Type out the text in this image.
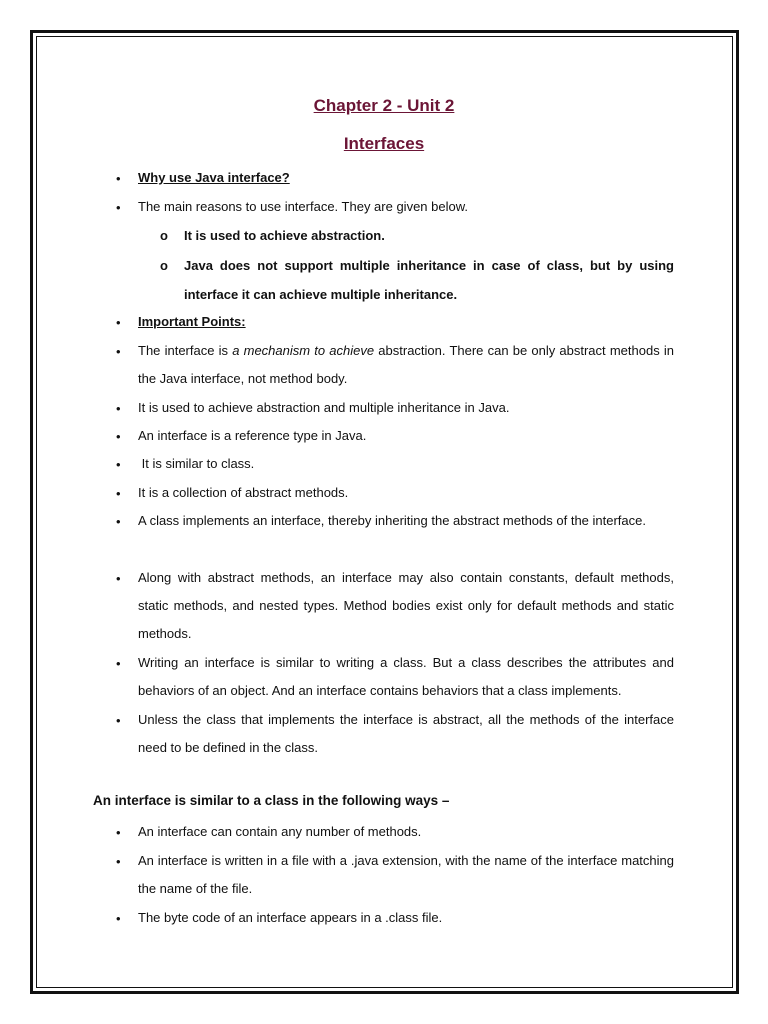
Chapter 2 - Unit 2
Interfaces
•
Why use Java interface?
•
The main reasons to use interface. They are given below.
o It is used to achieve abstraction.
o Java does not support multiple inheritance in case of class, but by using interface it can achieve multiple inheritance.
•
Important Points:
•
The interface is a mechanism to achieve abstraction. There can be only abstract methods in the Java interface, not method body.
•
It is used to achieve abstraction and multiple inheritance in Java.
•
An interface is a reference type in Java.
•
It is similar to class.
•
It is a collection of abstract methods.
•
A class implements an interface, thereby inheriting the abstract methods of the interface.
•
Along with abstract methods, an interface may also contain constants, default methods, static methods, and nested types. Method bodies exist only for default methods and static methods.
•
Writing an interface is similar to writing a class. But a class describes the attributes and behaviors of an object. And an interface contains behaviors that a class implements.
•
Unless the class that implements the interface is abstract, all the methods of the interface need to be defined in the class.
An interface is similar to a class in the following ways –
•
An interface can contain any number of methods.
•
An interface is written in a file with a .java extension, with the name of the interface matching the name of the file.
•
The byte code of an interface appears in a .class file.
